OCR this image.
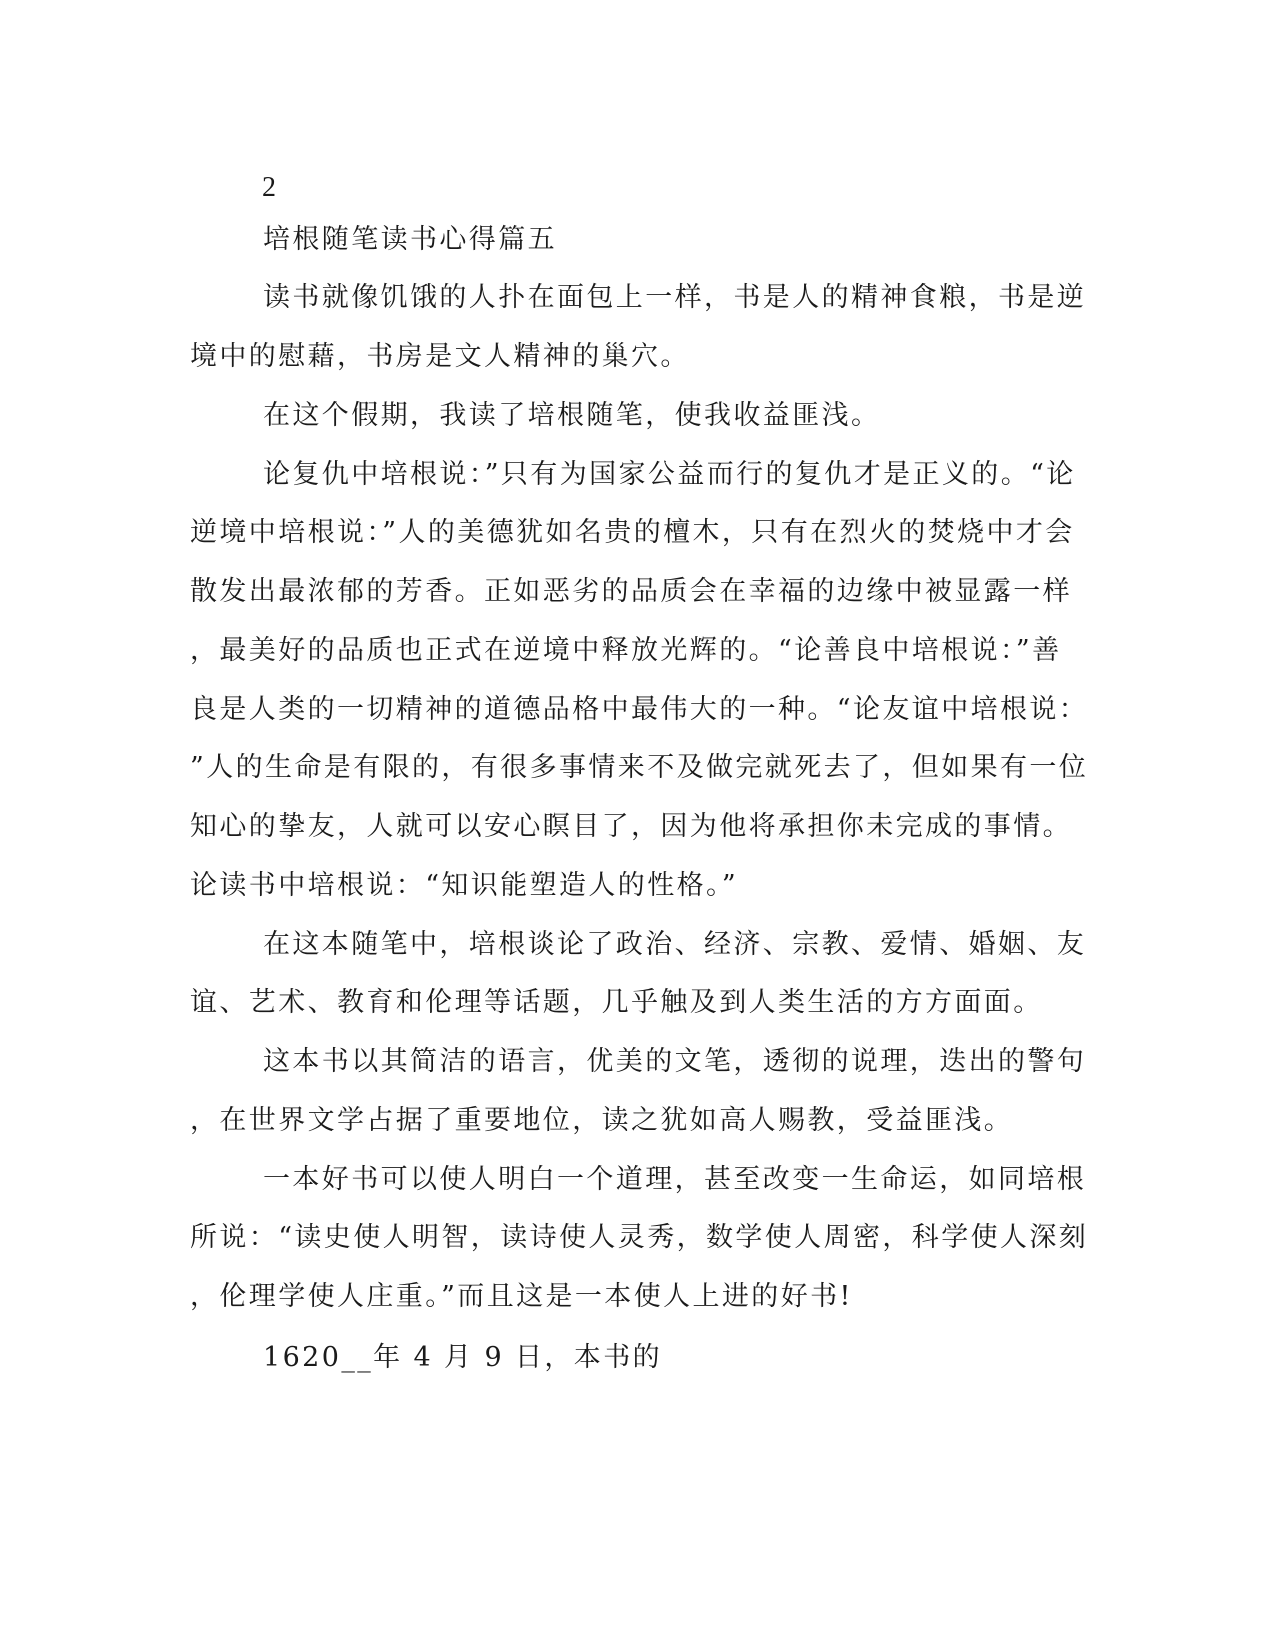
2
培根随笔读书心得篇五
读书就像饥饿的人扑在面包上一样，书是人的精神食粮，书是逆
境中的慰藉，书房是文人精神的巢穴。
在这个假期，我读了培根随笔，使我收益匪浅。
论复仇中培根说：”只有为国家公益而行的复仇才是正义的。“论
逆境中培根说：”人的美德犹如名贵的檀木，只有在烈火的焚烧中才会
散发出最浓郁的芳香。正如恶劣的品质会在幸福的边缘中被显露一样
，最美好的品质也正式在逆境中释放光辉的。“论善良中培根说：”善
良是人类的一切精神的道德品格中最伟大的一种。“论友谊中培根说：
”人的生命是有限的，有很多事情来不及做完就死去了，但如果有一位
知心的挚友，人就可以安心瞑目了，因为他将承担你未完成的事情。
论读书中培根说：“知识能塑造人的性格。”
在这本随笔中，培根谈论了政治、经济、宗教、爱情、婚姻、友
谊、艺术、教育和伦理等话题，几乎触及到人类生活的方方面面。
这本书以其简洁的语言，优美的文笔，透彻的说理，迭出的警句
，在世界文学占据了重要地位，读之犹如高人赐教，受益匪浅。
一本好书可以使人明白一个道理，甚至改变一生命运，如同培根
所说：“读史使人明智，读诗使人灵秀，数学使人周密，科学使人深刻
，伦理学使人庄重。”而且这是一本使人上进的好书!
1620__年 4 月 9 日，本书的
